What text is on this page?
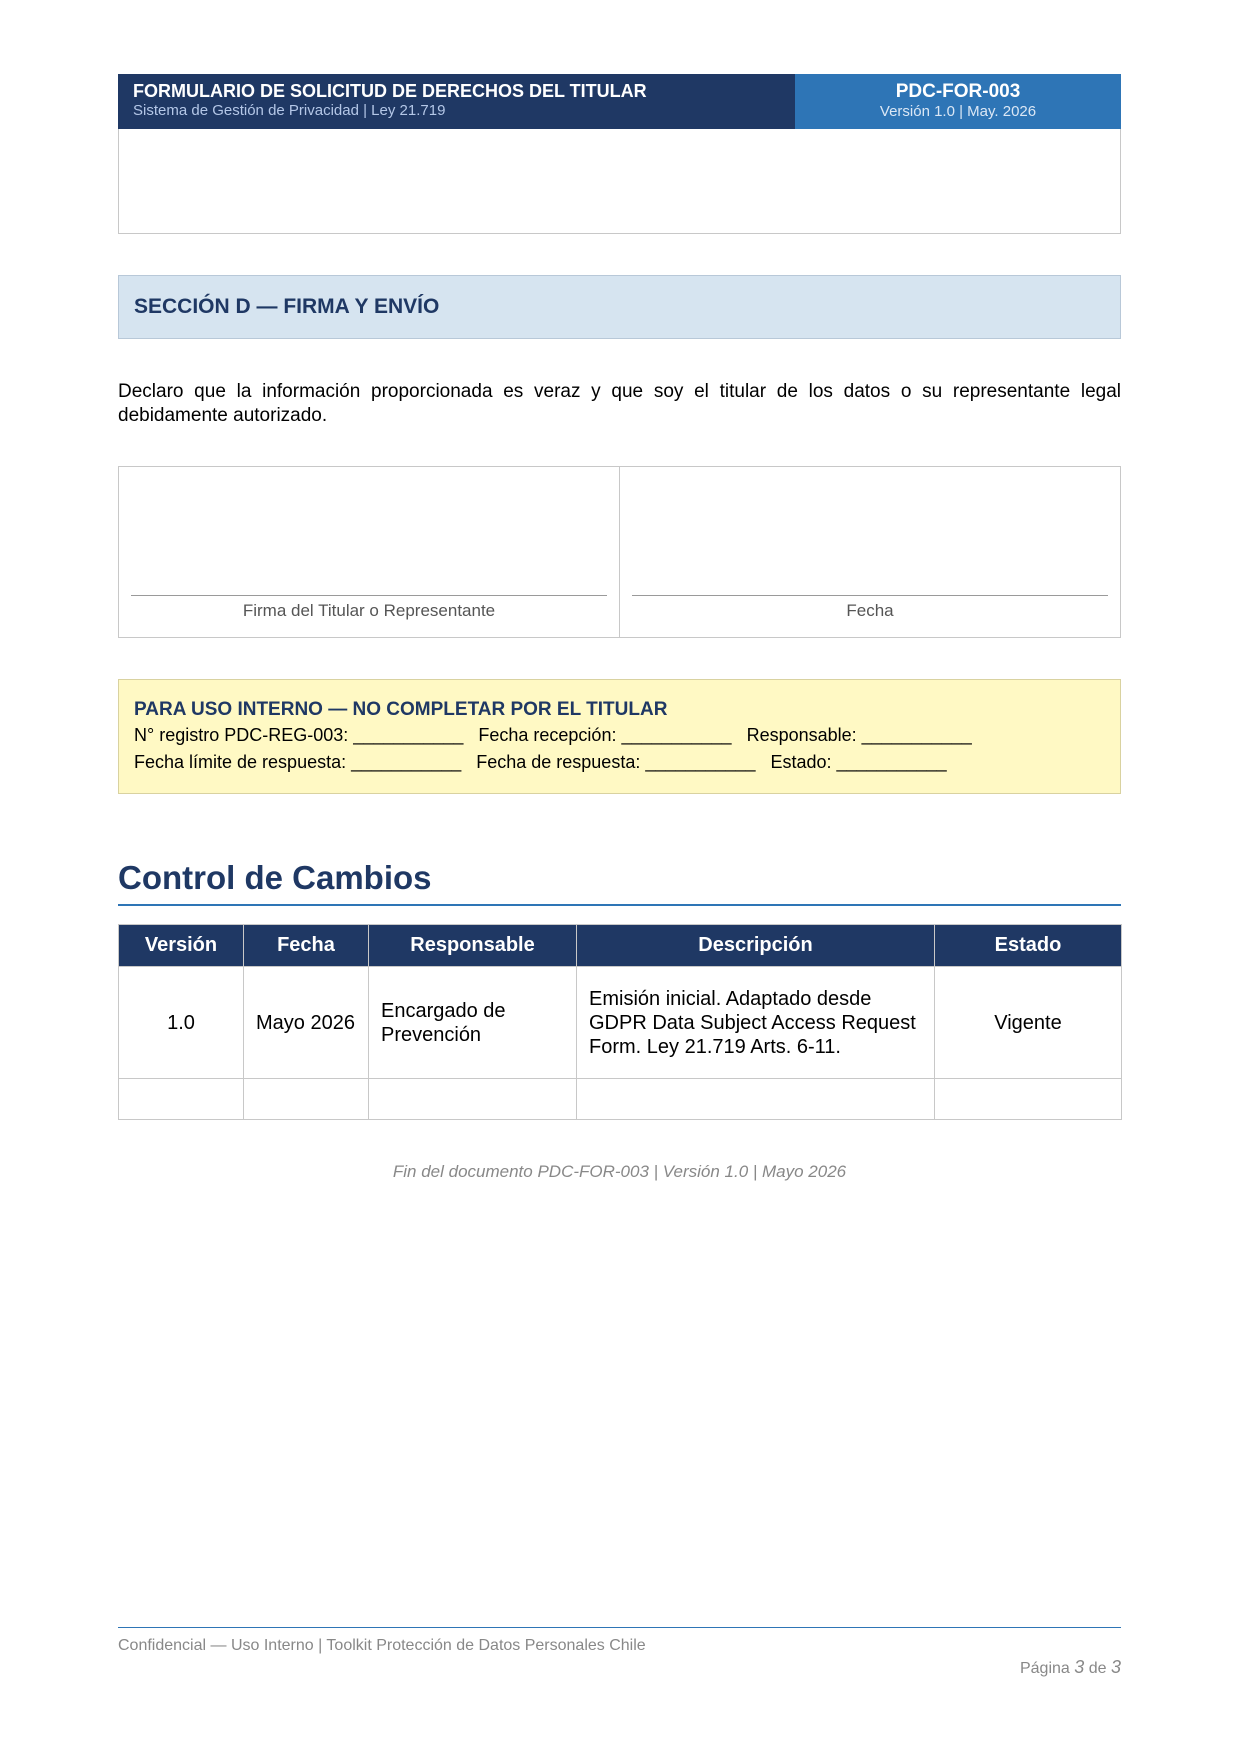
FORMULARIO DE SOLICITUD DE DERECHOS DEL TITULAR
Sistema de Gestión de Privacidad | Ley 21.719
PDC-FOR-003
Versión 1.0 | May. 2026
SECCIÓN D — FIRMA Y ENVÍO
Declaro que la información proporcionada es veraz y que soy el titular de los datos o su representante legal debidamente autorizado.
Firma del Titular o Representante	Fecha
PARA USO INTERNO — NO COMPLETAR POR EL TITULAR
N° registro PDC-REG-003: ___________   Fecha recepción: ___________   Responsable: ___________
Fecha límite de respuesta: ___________   Fecha de respuesta: ___________   Estado: ___________
Control de Cambios
Versión	Fecha	Responsable	Descripción	Estado
1.0	Mayo 2026	Encargado de Prevención	Emisión inicial. Adaptado desde GDPR Data Subject Access Request Form. Ley 21.719 Arts. 6-11.	Vigente

Fin del documento PDC-FOR-003 | Versión 1.0 | Mayo 2026
Confidencial — Uso Interno | Toolkit Protección de Datos Personales Chile
Página 3 de 3
